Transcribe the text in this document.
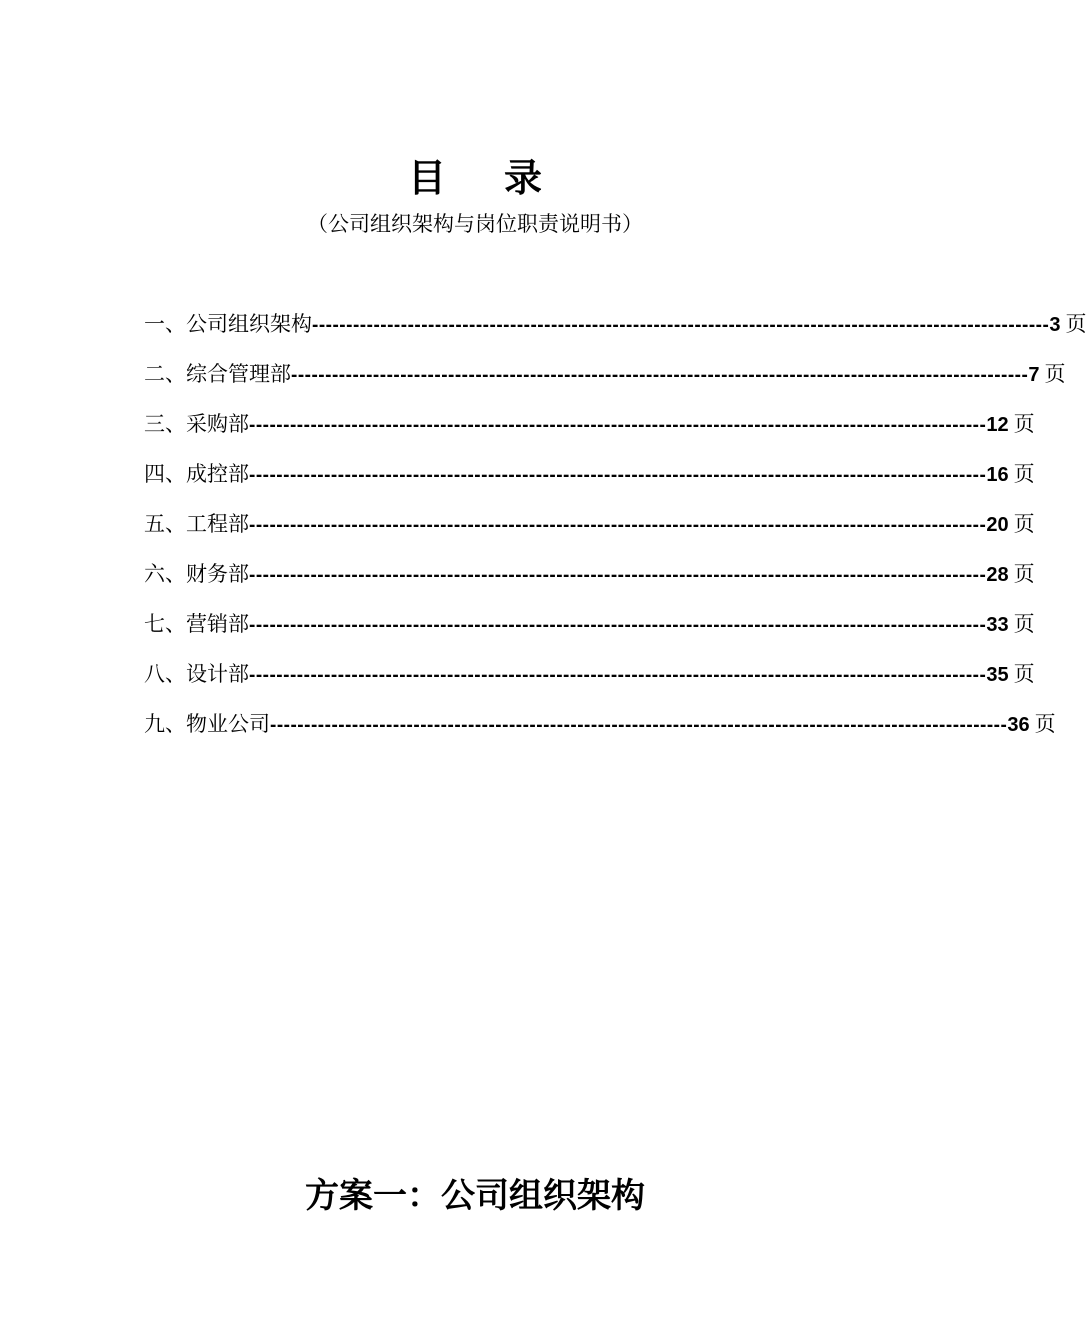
目录
（公司组织架构与岗位职责说明书）
一、公司组织架构 ------------------------------------------------------------------------------------------------------------ 3 页
二、综合管理部 ------------------------------------------------------------------------------------------------------------ 7 页
三、采购部 ------------------------------------------------------------------------------------------------------------ 12 页
四、成控部 ------------------------------------------------------------------------------------------------------------ 16 页
五、工程部 ------------------------------------------------------------------------------------------------------------ 20 页
六、财务部 ------------------------------------------------------------------------------------------------------------ 28 页
七、营销部 ------------------------------------------------------------------------------------------------------------ 33 页
八、设计部 ------------------------------------------------------------------------------------------------------------ 35 页
九、物业公司 ------------------------------------------------------------------------------------------------------------ 36 页
方案一：公司组织架构
